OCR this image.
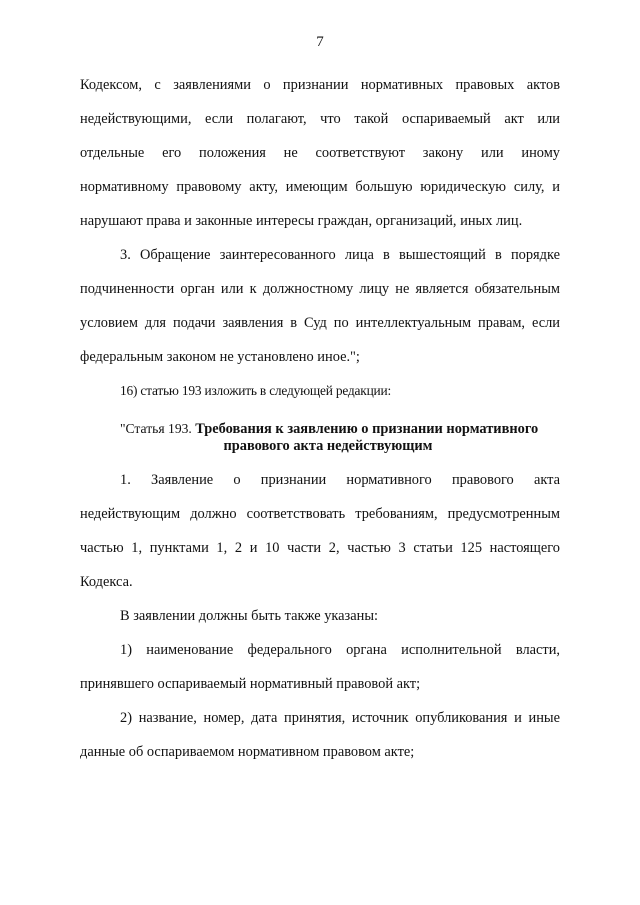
7
Кодексом, с заявлениями о признании нормативных правовых актов
недействующими, если полагают, что такой оспариваемый акт или
отдельные его положения не соответствуют закону или иному
нормативному правовому акту, имеющим большую юридическую силу, и
нарушают права и законные интересы граждан, организаций, иных лиц.
3. Обращение заинтересованного лица в вышестоящий в порядке
подчиненности орган или к должностному лицу не является обязательным
условием для подачи заявления в Суд по интеллектуальным правам, если
федеральным законом не установлено иное.";
16) статью 193 изложить в следующей редакции:
"Статья 193. Требования к заявлению о признании нормативного
правового акта недействующим
1. Заявление о признании нормативного правового акта
недействующим должно соответствовать требованиям, предусмотренным
частью 1, пунктами 1, 2 и 10 части 2, частью 3 статьи 125 настоящего
Кодекса.
В заявлении должны быть также указаны:
1) наименование федерального органа исполнительной власти,
принявшего оспариваемый нормативный правовой акт;
2) название, номер, дата принятия, источник опубликования и иные
данные об оспариваемом нормативном правовом акте;
